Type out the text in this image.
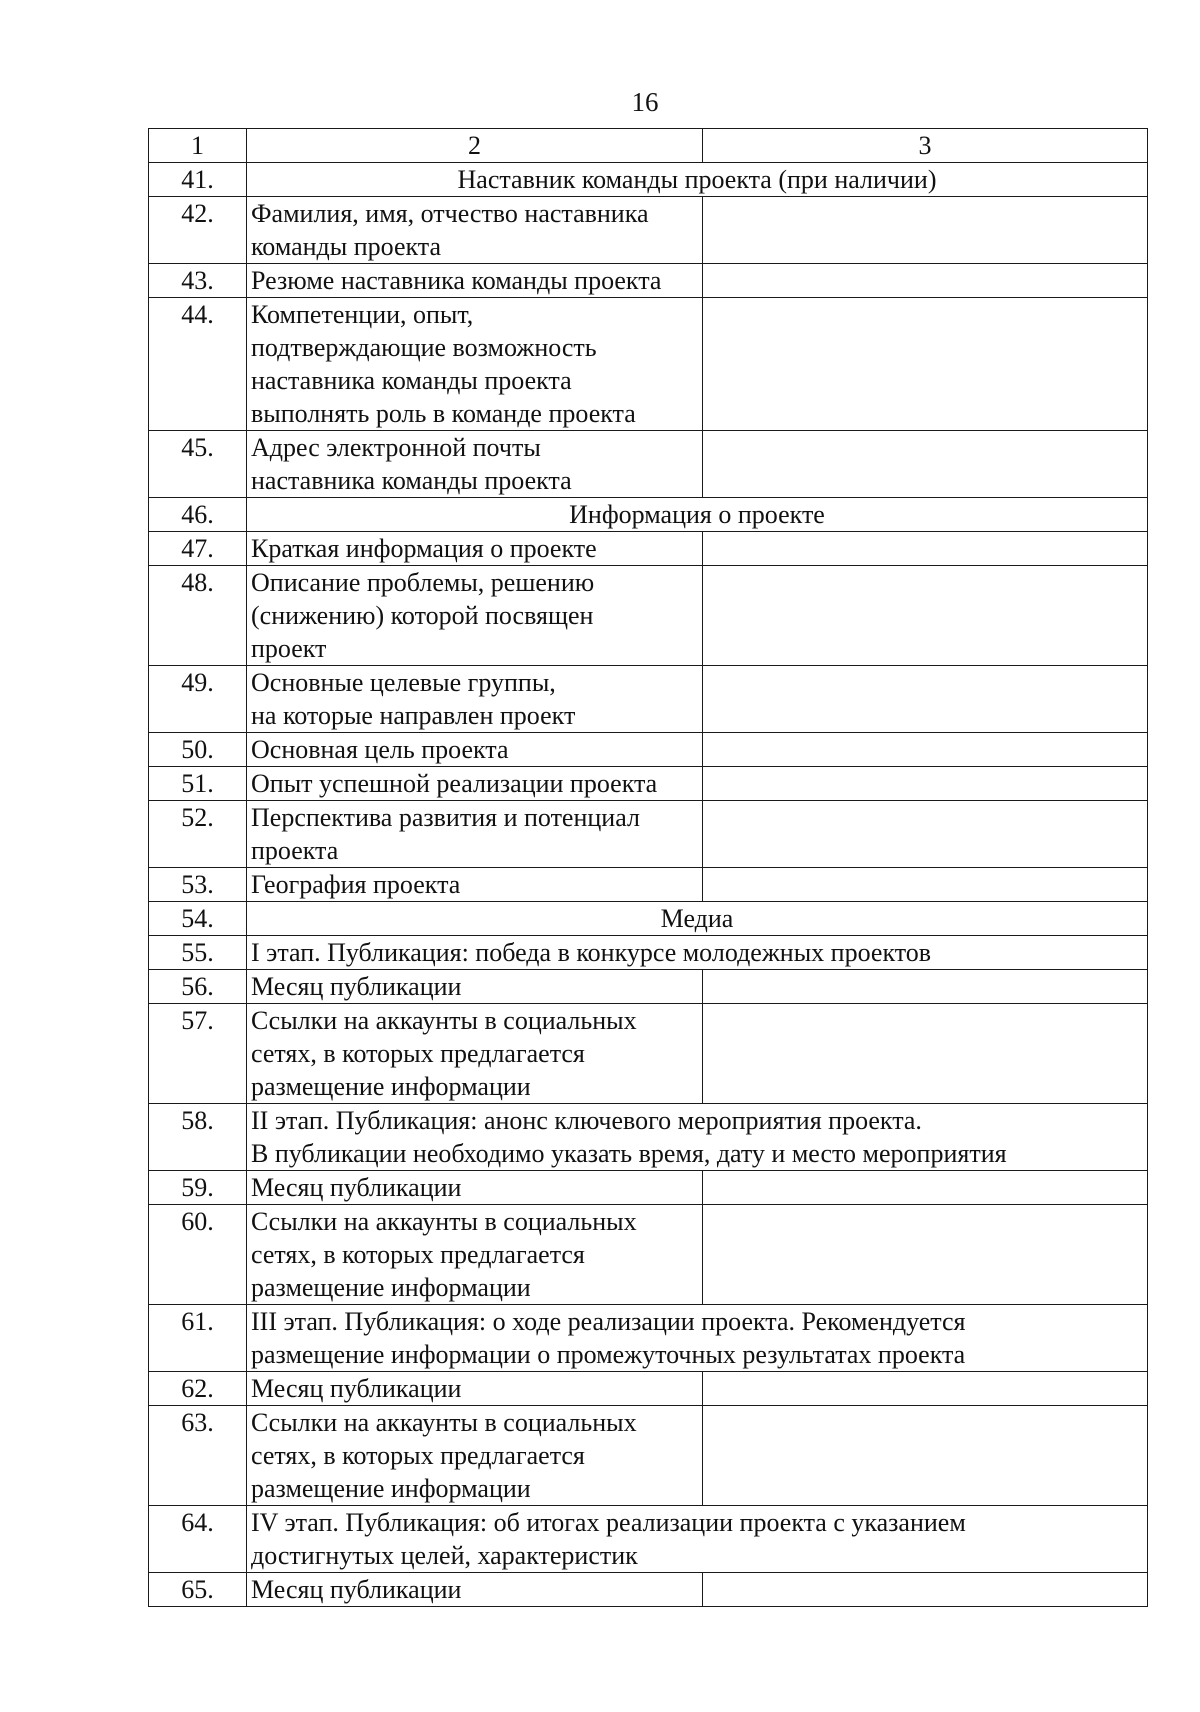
16
1	2	3
41.	Наставник команды проекта (при наличии)	

42.	Фамилия, имя, отчество наставника
команды проекта	

43.	Резюме наставника команды проекта	

44.	Компетенции, опыт,
подтверждающие возможность
наставника команды проекта
выполнять роль в команде проекта	

45.	Адрес электронной почты
наставника команды проекта	

46.	Информация о проекте	

47.	Краткая информация о проекте	

48.	Описание проблемы, решению
(снижению) которой посвящен
проект	

49.	Основные целевые группы,
на которые направлен проект	

50.	Основная цель проекта	

51.	Опыт успешной реализации проекта	

52.	Перспектива развития и потенциал
проекта	

53.	География проекта	

54.	Медиа	

55.	I этап. Публикация: победа в конкурсе молодежных проектов	

56.	Месяц публикации	

57.	Ссылки на аккаунты в социальных
сетях, в которых предлагается
размещение информации	

58.	II этап. Публикация: анонс ключевого мероприятия проекта.
В публикации необходимо указать время, дату и место мероприятия	

59.	Месяц публикации	

60.	Ссылки на аккаунты в социальных
сетях, в которых предлагается
размещение информации	

61.	III этап. Публикация: о ходе реализации проекта. Рекомендуется
размещение информации о промежуточных результатах проекта	

62.	Месяц публикации	

63.	Ссылки на аккаунты в социальных
сетях, в которых предлагается
размещение информации	

64.	IV этап. Публикация: об итогах реализации проекта с указанием
достигнутых целей, характеристик	

65.	Месяц публикации	
